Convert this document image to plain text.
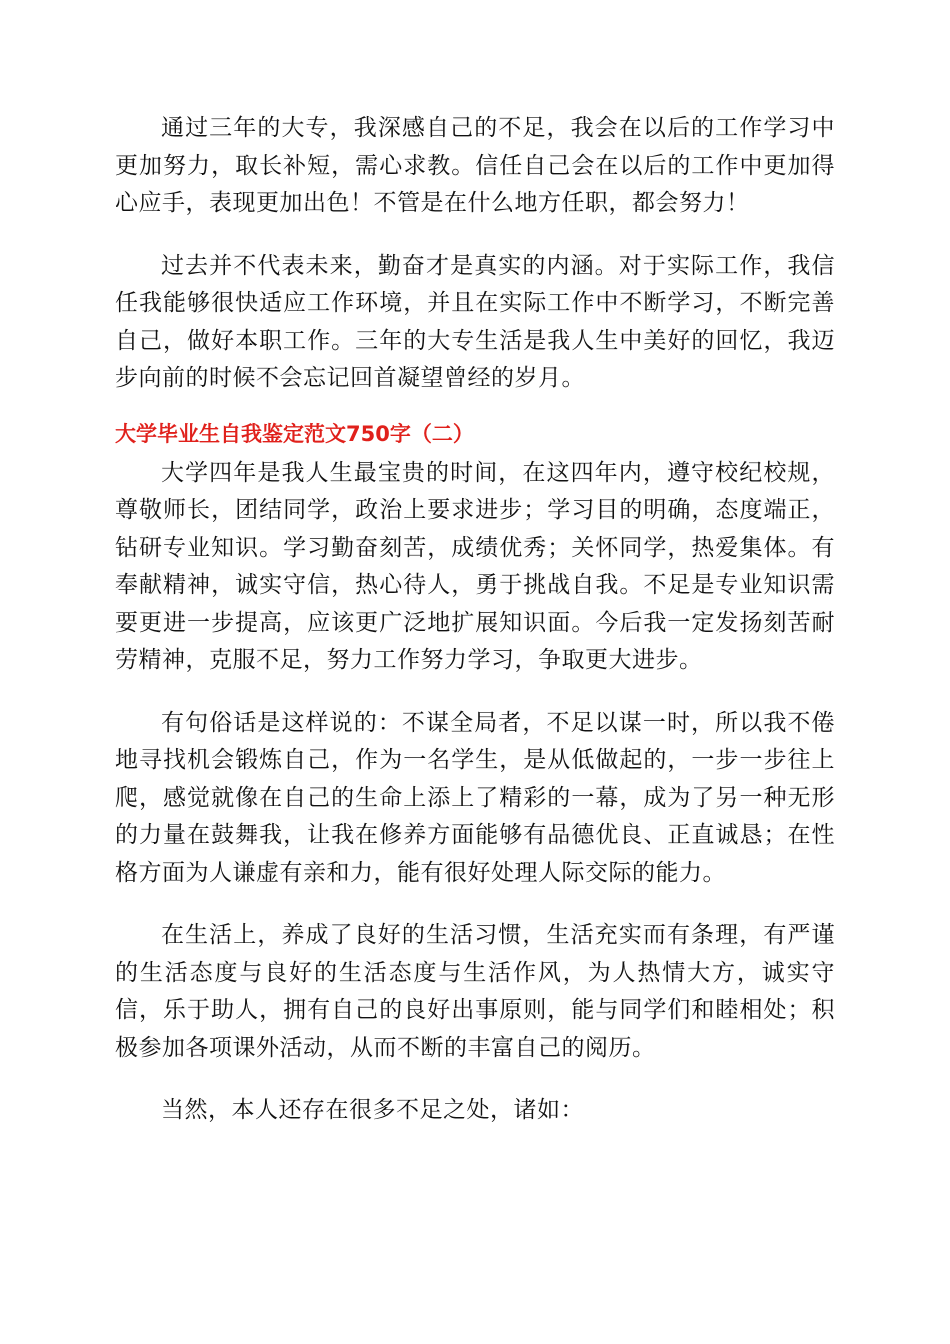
通过三年的大专，我深感自己的不足，我会在以后的工作学习中更加努力，取长补短，需心求教。信任自己会在以后的工作中更加得心应手，表现更加出色！不管是在什么地方任职，都会努力！

过去并不代表未来，勤奋才是真实的内涵。对于实际工作，我信任我能够很快适应工作环境，并且在实际工作中不断学习，不断完善自己，做好本职工作。三年的大专生活是我人生中美好的回忆，我迈步向前的时候不会忘记回首凝望曾经的岁月。

大学毕业生自我鉴定范文750字（二）

大学四年是我人生最宝贵的时间，在这四年内，遵守校纪校规，尊敬师长，团结同学，政治上要求进步；学习目的明确，态度端正，钻研专业知识。学习勤奋刻苦，成绩优秀；关怀同学，热爱集体。有奉献精神，诚实守信，热心待人，勇于挑战自我。不足是专业知识需要更进一步提高，应该更广泛地扩展知识面。今后我一定发扬刻苦耐劳精神，克服不足，努力工作努力学习，争取更大进步。

有句俗话是这样说的：不谋全局者，不足以谋一时，所以我不倦地寻找机会锻炼自己，作为一名学生，是从低做起的，一步一步往上爬，感觉就像在自己的生命上添上了精彩的一幕，成为了另一种无形的力量在鼓舞我，让我在修养方面能够有品德优良、正直诚恳；在性格方面为人谦虚有亲和力，能有很好处理人际交际的能力。

在生活上，养成了良好的生活习惯，生活充实而有条理，有严谨的生活态度与良好的生活态度与生活作风，为人热情大方，诚实守信，乐于助人，拥有自己的良好出事原则，能与同学们和睦相处；积极参加各项课外活动，从而不断的丰富自己的阅历。

当然，本人还存在很多不足之处，诸如：
